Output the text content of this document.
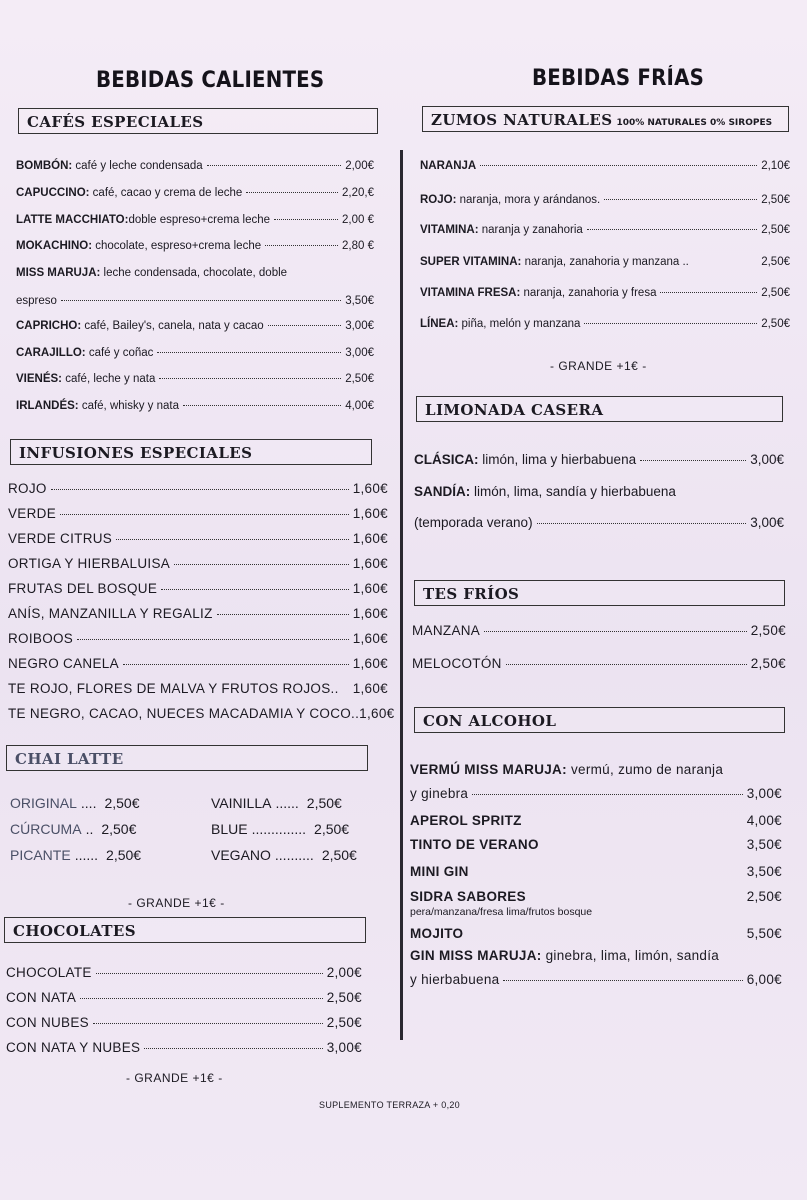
BEBIDAS CALIENTES
CAFÉS ESPECIALES
BOMBÓN: café y leche condensada	2,00€
CAPUCCINO: café, cacao y crema de leche	2,20,€
LATTE MACCHIATO: doble espreso+crema leche	2,00 €
MOKACHINO: chocolate, espreso+crema leche	2,80 €
MISS MARUJA: leche condensada, chocolate, doble
espreso	3,50€
CAPRICHO: café, Bailey's, canela, nata y cacao	3,00€
CARAJILLO: café y coñac	3,00€
VIENÉS: café, leche y nata	2,50€
IRLANDÉS: café, whisky y nata	4,00€
INFUSIONES ESPECIALES
ROJO	1,60€
VERDE	1,60€
VERDE CITRUS	1,60€
ORTIGA Y HIERBALUISA	1,60€
FRUTAS DEL BOSQUE	1,60€
ANÍS, MANZANILLA Y REGALIZ	1,60€
ROIBOOS	1,60€
NEGRO CANELA	1,60€
TE ROJO, FLORES DE MALVA Y FRUTOS ROJOS.. 1,60€
TE NEGRO, CACAO, NUECES MACADAMIA Y COCO.. 1,60€
CHAI LATTE
ORIGINAL .... 2,50€
CÚRCUMA .. 2,50€
PICANTE ...... 2,50€
VAINILLA ...... 2,50€
BLUE .............. 2,50€
VEGANO .......... 2,50€
- GRANDE +1€ -
CHOCOLATES
CHOCOLATE	2,00€
CON NATA	2,50€
CON NUBES	2,50€
CON NATA Y NUBES	3,00€
- GRANDE +1€ -
BEBIDAS FRÍAS
ZUMOS NATURALES 100% NATURALES 0% SIROPES
NARANJA	2,10€
ROJO: naranja, mora y arándanos.	2,50€
VITAMINA: naranja y zanahoria	2,50€
SUPER VITAMINA: naranja, zanahoria y manzana ..	2,50€
VITAMINA FRESA: naranja, zanahoria y fresa	2,50€
LÍNEA: piña, melón y manzana	2,50€
- GRANDE +1€ -
LIMONADA CASERA
CLÁSICA: limón, lima y hierbabuena	3,00€
SANDÍA: limón, lima, sandía y hierbabuena
(temporada verano)	3,00€
TES FRÍOS
MANZANA	2,50€
MELOCOTÓN	2,50€
CON ALCOHOL
VERMÚ MISS MARUJA: vermú, zumo de naranja
y ginebra	3,00€
APEROL SPRITZ	4,00€
TINTO DE VERANO	3,50€
MINI GIN	3,50€
SIDRA SABORES	2,50€
MOJITO	5,50€
GIN MISS MARUJA: ginebra, lima, limón, sandía
y hierbabuena	6,00€
pera/manzana/fresa lima/frutos bosque
SUPLEMENTO TERRAZA + 0,20
